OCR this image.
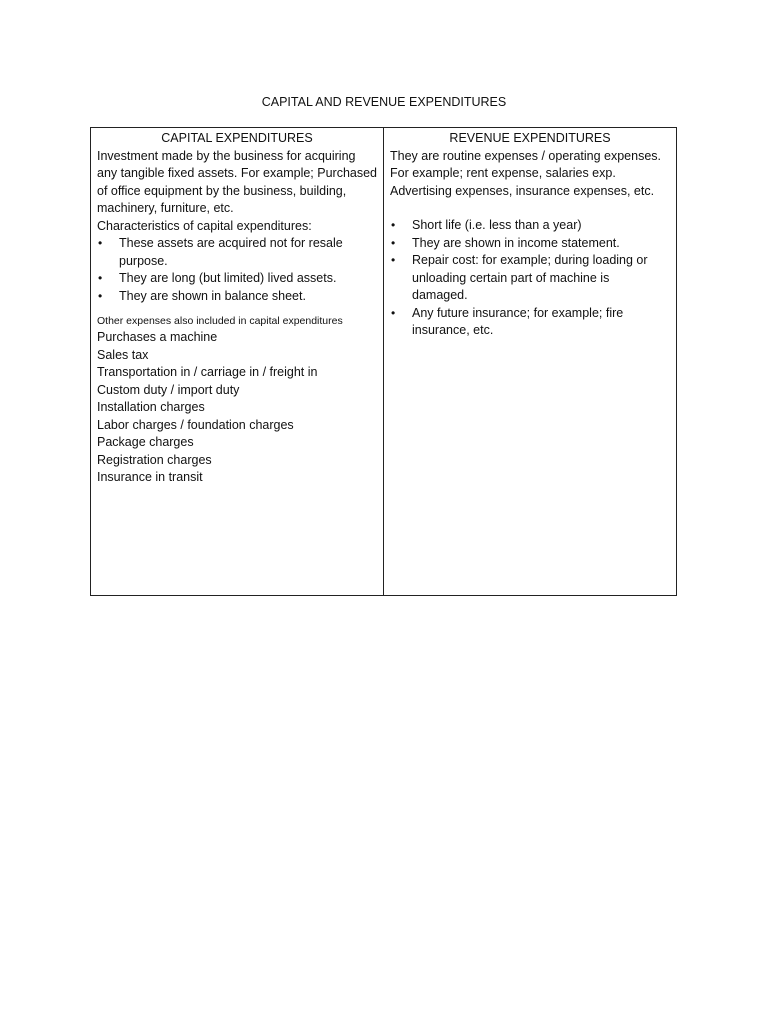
CAPITAL AND REVENUE EXPENDITURES

CAPITAL EXPENDITURES

Investment made by the business for acquiring
any tangible fixed assets. For example; Purchased
of office equipment by the business, building,
machinery, furniture, etc.

Characteristics of capital expenditures:

• These assets are acquired not for resale
purpose.
• They are long (but limited) lived assets.
• They are shown in balance sheet.

Other expenses also included in capital expenditures

Purchases a machine
Sales tax
Transportation in / carriage in / freight in
Custom duty / import duty
Installation charges
Labor charges / foundation charges
Package charges
Registration charges
Insurance in transit

REVENUE EXPENDITURES

They are routine expenses / operating expenses.
For example; rent expense, salaries exp.
Advertising expenses, insurance expenses, etc.

• Short life (i.e. less than a year)
• They are shown in income statement.
• Repair cost: for example; during loading or
unloading certain part of machine is
damaged.
• Any future insurance; for example; fire
insurance, etc.
